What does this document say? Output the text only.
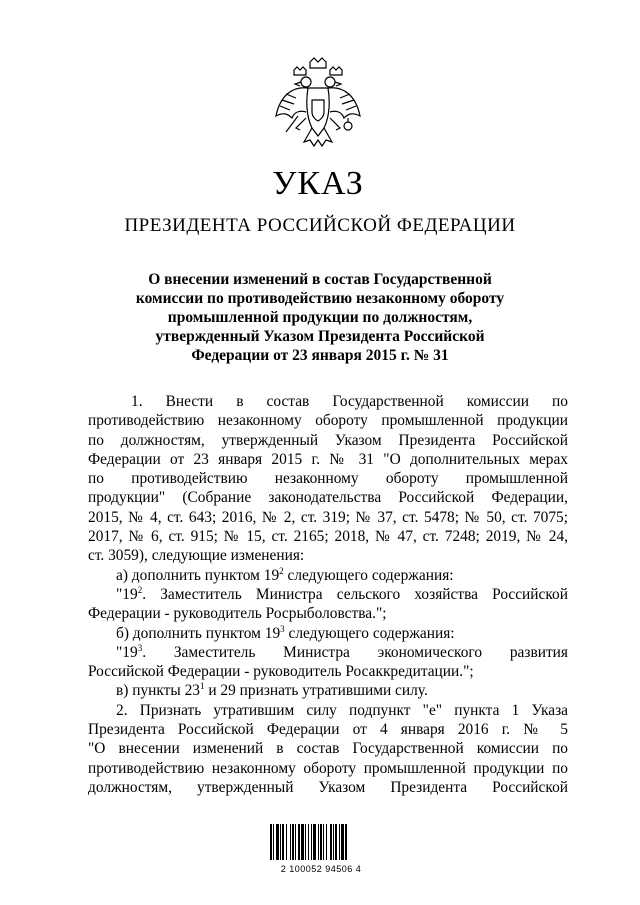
УКАЗ
ПРЕЗИДЕНТА РОССИЙСКОЙ ФЕДЕРАЦИИ
О внесении изменений в состав Государственной
комиссии по противодействию незаконному обороту
промышленной продукции по должностям,
утвержденный Указом Президента Российской
Федерации от 23 января 2015 г. № 31
1. Внести в состав Государственной комиссии по
противодействию незаконному обороту промышленной продукции
по должностям, утвержденный Указом Президента Российской
Федерации от 23 января 2015 г. № 31 "О дополнительных мерах
по противодействию незаконному обороту промышленной
продукции" (Собрание законодательства Российской Федерации,
2015, № 4, ст. 643; 2016, № 2, ст. 319; № 37, ст. 5478; № 50, ст. 7075;
2017, № 6, ст. 915; № 15, ст. 2165; 2018, № 47, ст. 7248; 2019, № 24,
ст. 3059), следующие изменения:
а) дополнить пунктом $19^2$ следующего содержания:
"$19^2$. Заместитель Министра сельского хозяйства Российской
Федерации - руководитель Росрыболовства.";
б) дополнить пунктом $19^3$ следующего содержания:
"$19^3$. Заместитель Министра экономического развития
Российской Федерации - руководитель Росаккредитации.";
в) пункты $23^1$ и 29 признать утратившими силу.
2. Признать утратившим силу подпункт "е" пункта 1 Указа
Президента Российской Федерации от 4 января 2016 г. № 5
"О внесении изменений в состав Государственной комиссии по
противодействию незаконному обороту промышленной продукции по
должностям, утвержденный Указом Президента Российской
2 100052 94506 4
